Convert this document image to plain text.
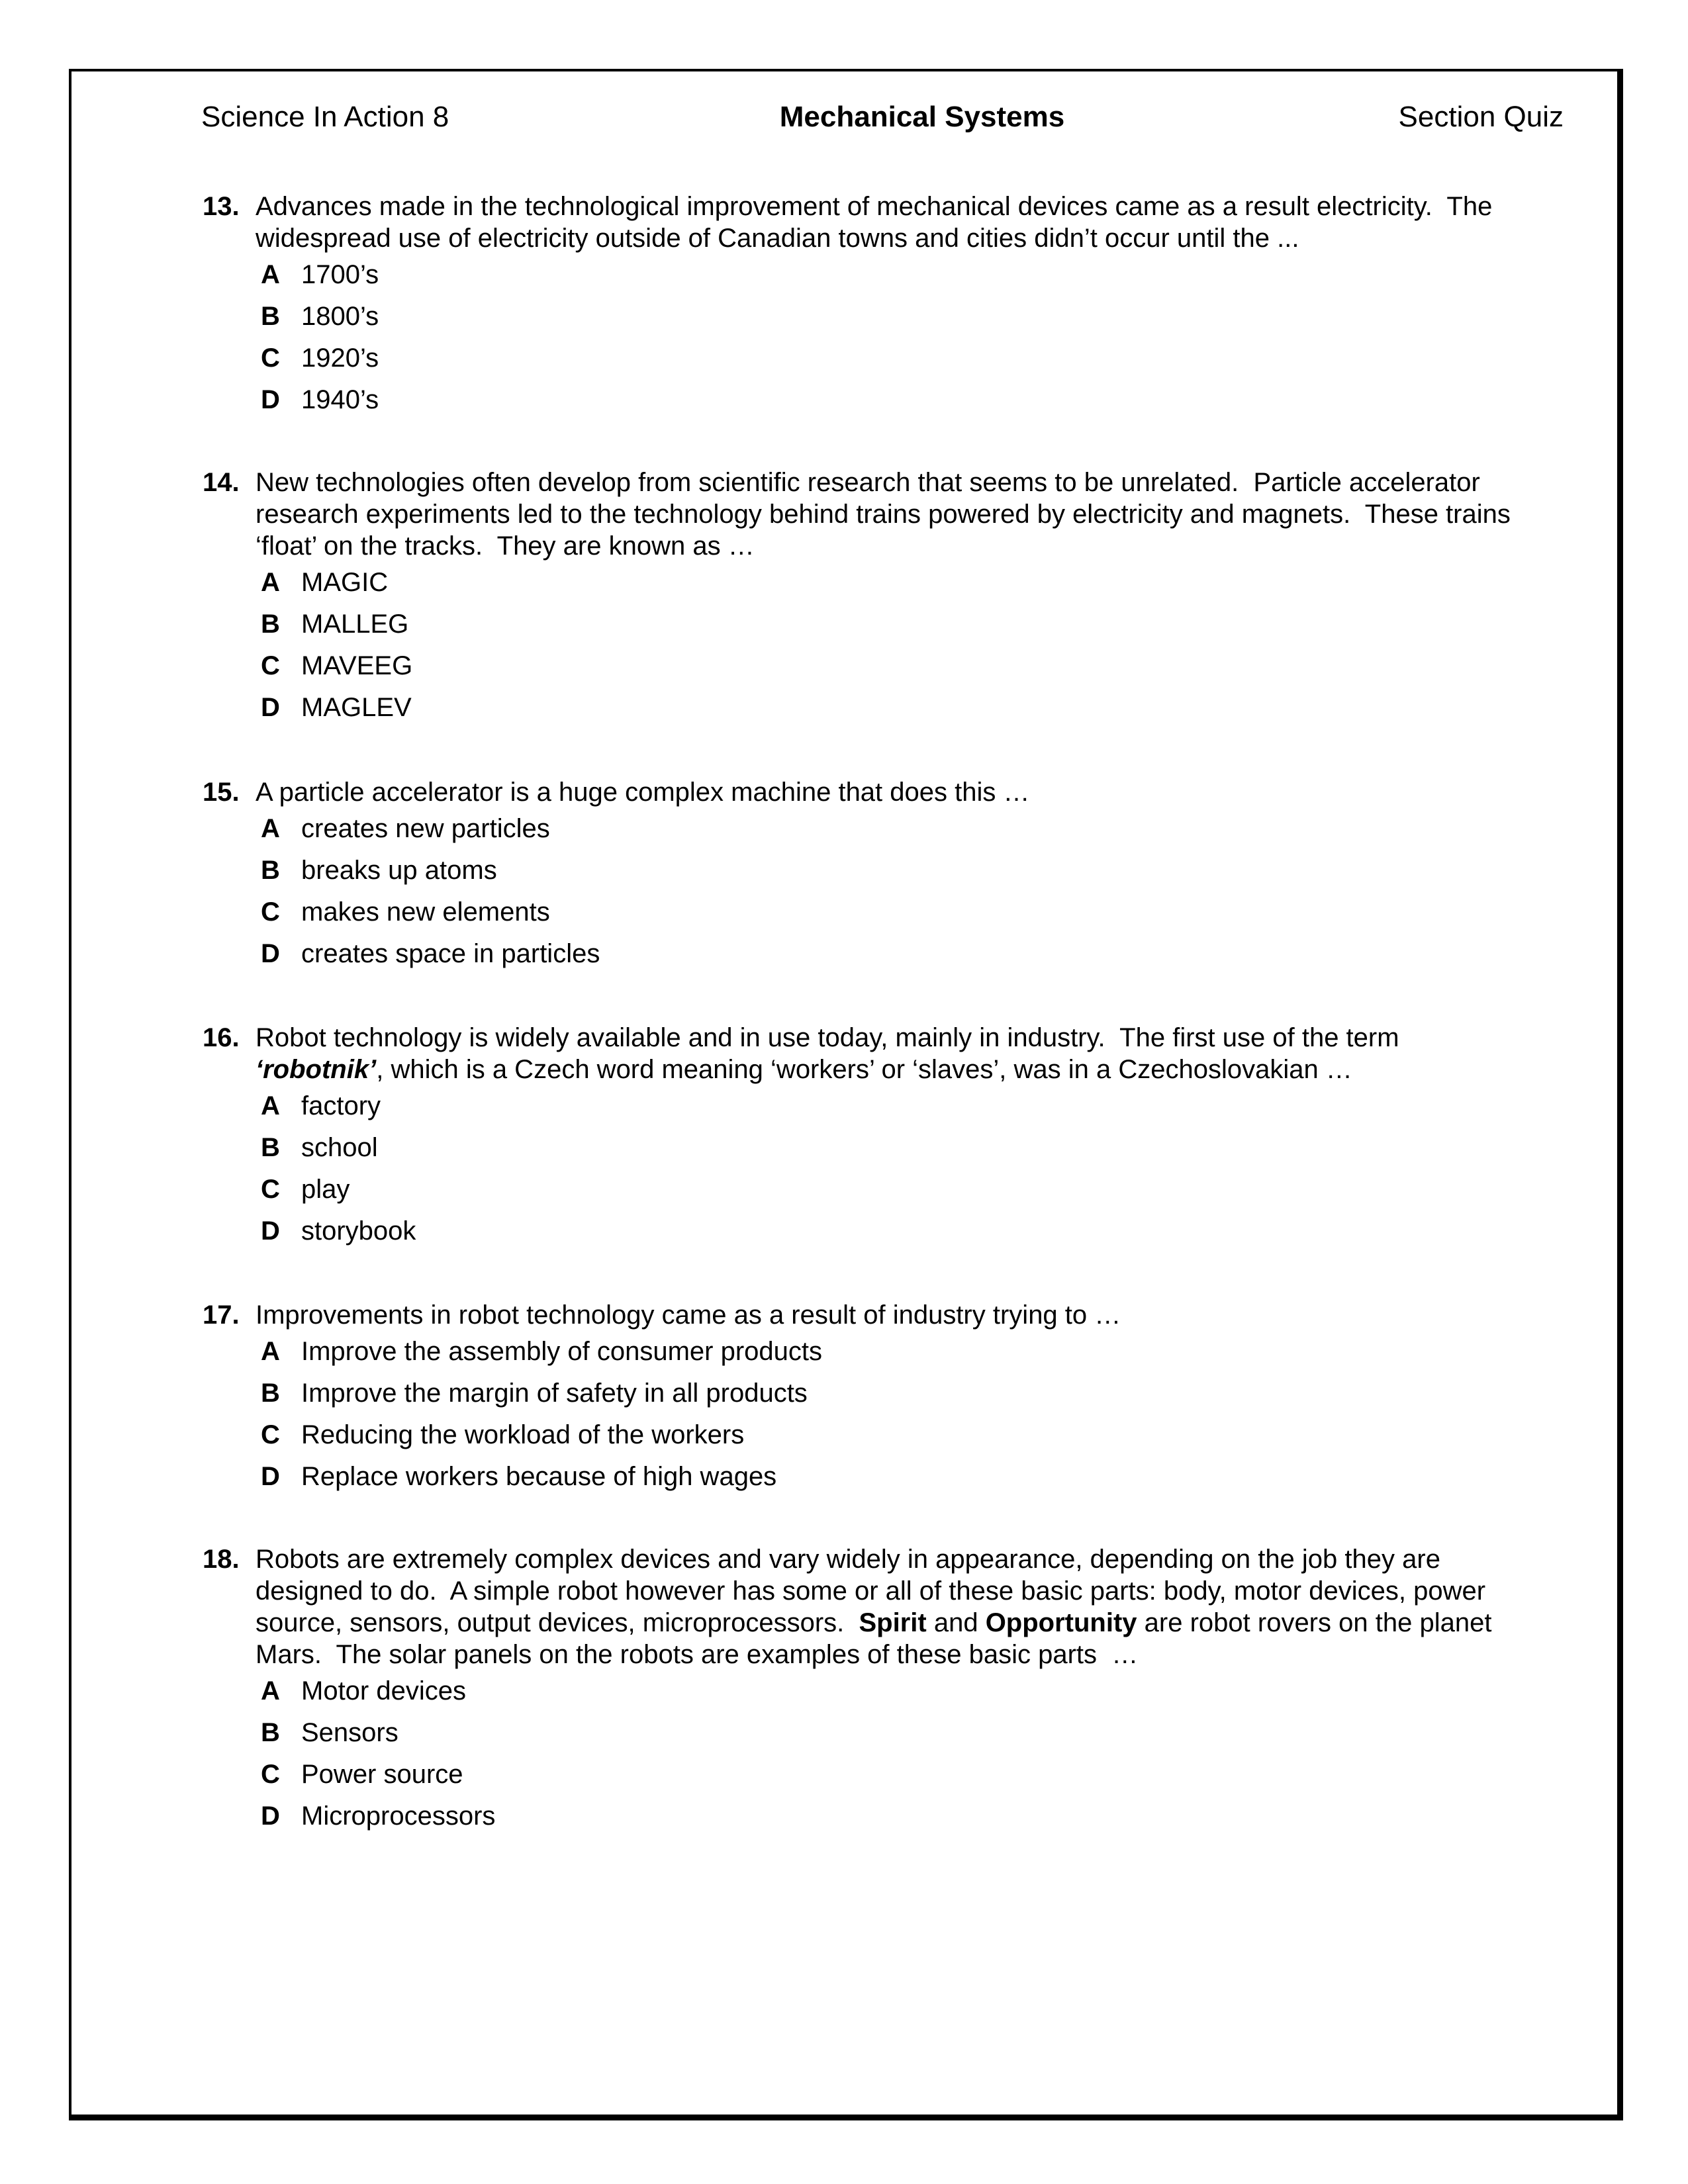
Science In Action 8	Mechanical Systems	Section Quiz
13. Advances made in the technological improvement of mechanical devices came as a result electricity.  The
widespread use of electricity outside of Canadian towns and cities didn’t occur until the ...
A 1700’s
B 1800’s
C 1920’s
D 1940’s
14. New technologies often develop from scientific research that seems to be unrelated.  Particle accelerator
research experiments led to the technology behind trains powered by electricity and magnets.  These trains
‘float’ on the tracks.  They are known as …
A MAGIC
B MALLEG
C MAVEEG
D MAGLEV
15. A particle accelerator is a huge complex machine that does this …
A creates new particles
B breaks up atoms
C makes new elements
D creates space in particles
16. Robot technology is widely available and in use today, mainly in industry.  The first use of the term
‘robotnik’, which is a Czech word meaning ‘workers’ or ‘slaves’, was in a Czechoslovakian …
A factory
B school
C play
D storybook
17. Improvements in robot technology came as a result of industry trying to …
A Improve the assembly of consumer products
B Improve the margin of safety in all products
C Reducing the workload of the workers
D Replace workers because of high wages
18. Robots are extremely complex devices and vary widely in appearance, depending on the job they are
designed to do.  A simple robot however has some or all of these basic parts: body, motor devices, power
source, sensors, output devices, microprocessors.  Spirit and Opportunity are robot rovers on the planet
Mars.  The solar panels on the robots are examples of these basic parts  …
A Motor devices
B Sensors
C Power source
D Microprocessors
